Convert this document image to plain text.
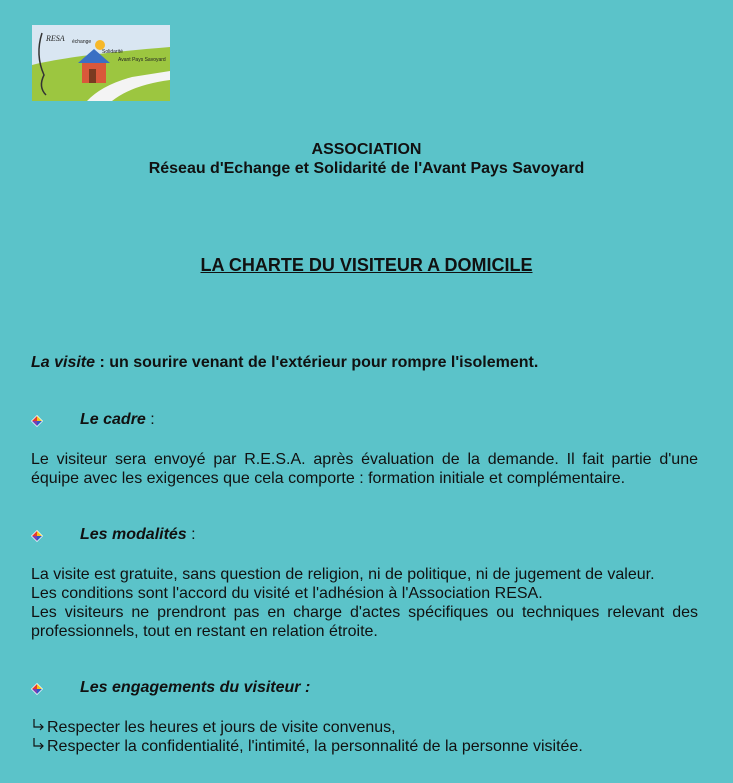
RESA échange
Solidarité
Avant Pays Savoyard
ASSOCIATION
Réseau d'Echange et Solidarité de l'Avant Pays Savoyard
LA CHARTE DU VISITEUR A DOMICILE
La visite : un sourire venant de l'extérieur pour rompre l'isolement.
Le cadre :
Le visiteur sera envoyé par R.E.S.A. après évaluation de la demande. Il fait partie d'une équipe avec les exigences que cela comporte : formation initiale et complémentaire.
Les modalités :
La visite est gratuite, sans question de religion, ni de politique, ni de jugement de valeur.
Les conditions sont l'accord du visité et l'adhésion à l'Association RESA.
Les visiteurs ne prendront pas en charge d'actes spécifiques ou techniques relevant des professionnels, tout en restant en relation étroite.
Les engagements du visiteur :
Respecter les heures et jours de visite convenus,
Respecter la confidentialité, l'intimité, la personnalité de la personne visitée.
